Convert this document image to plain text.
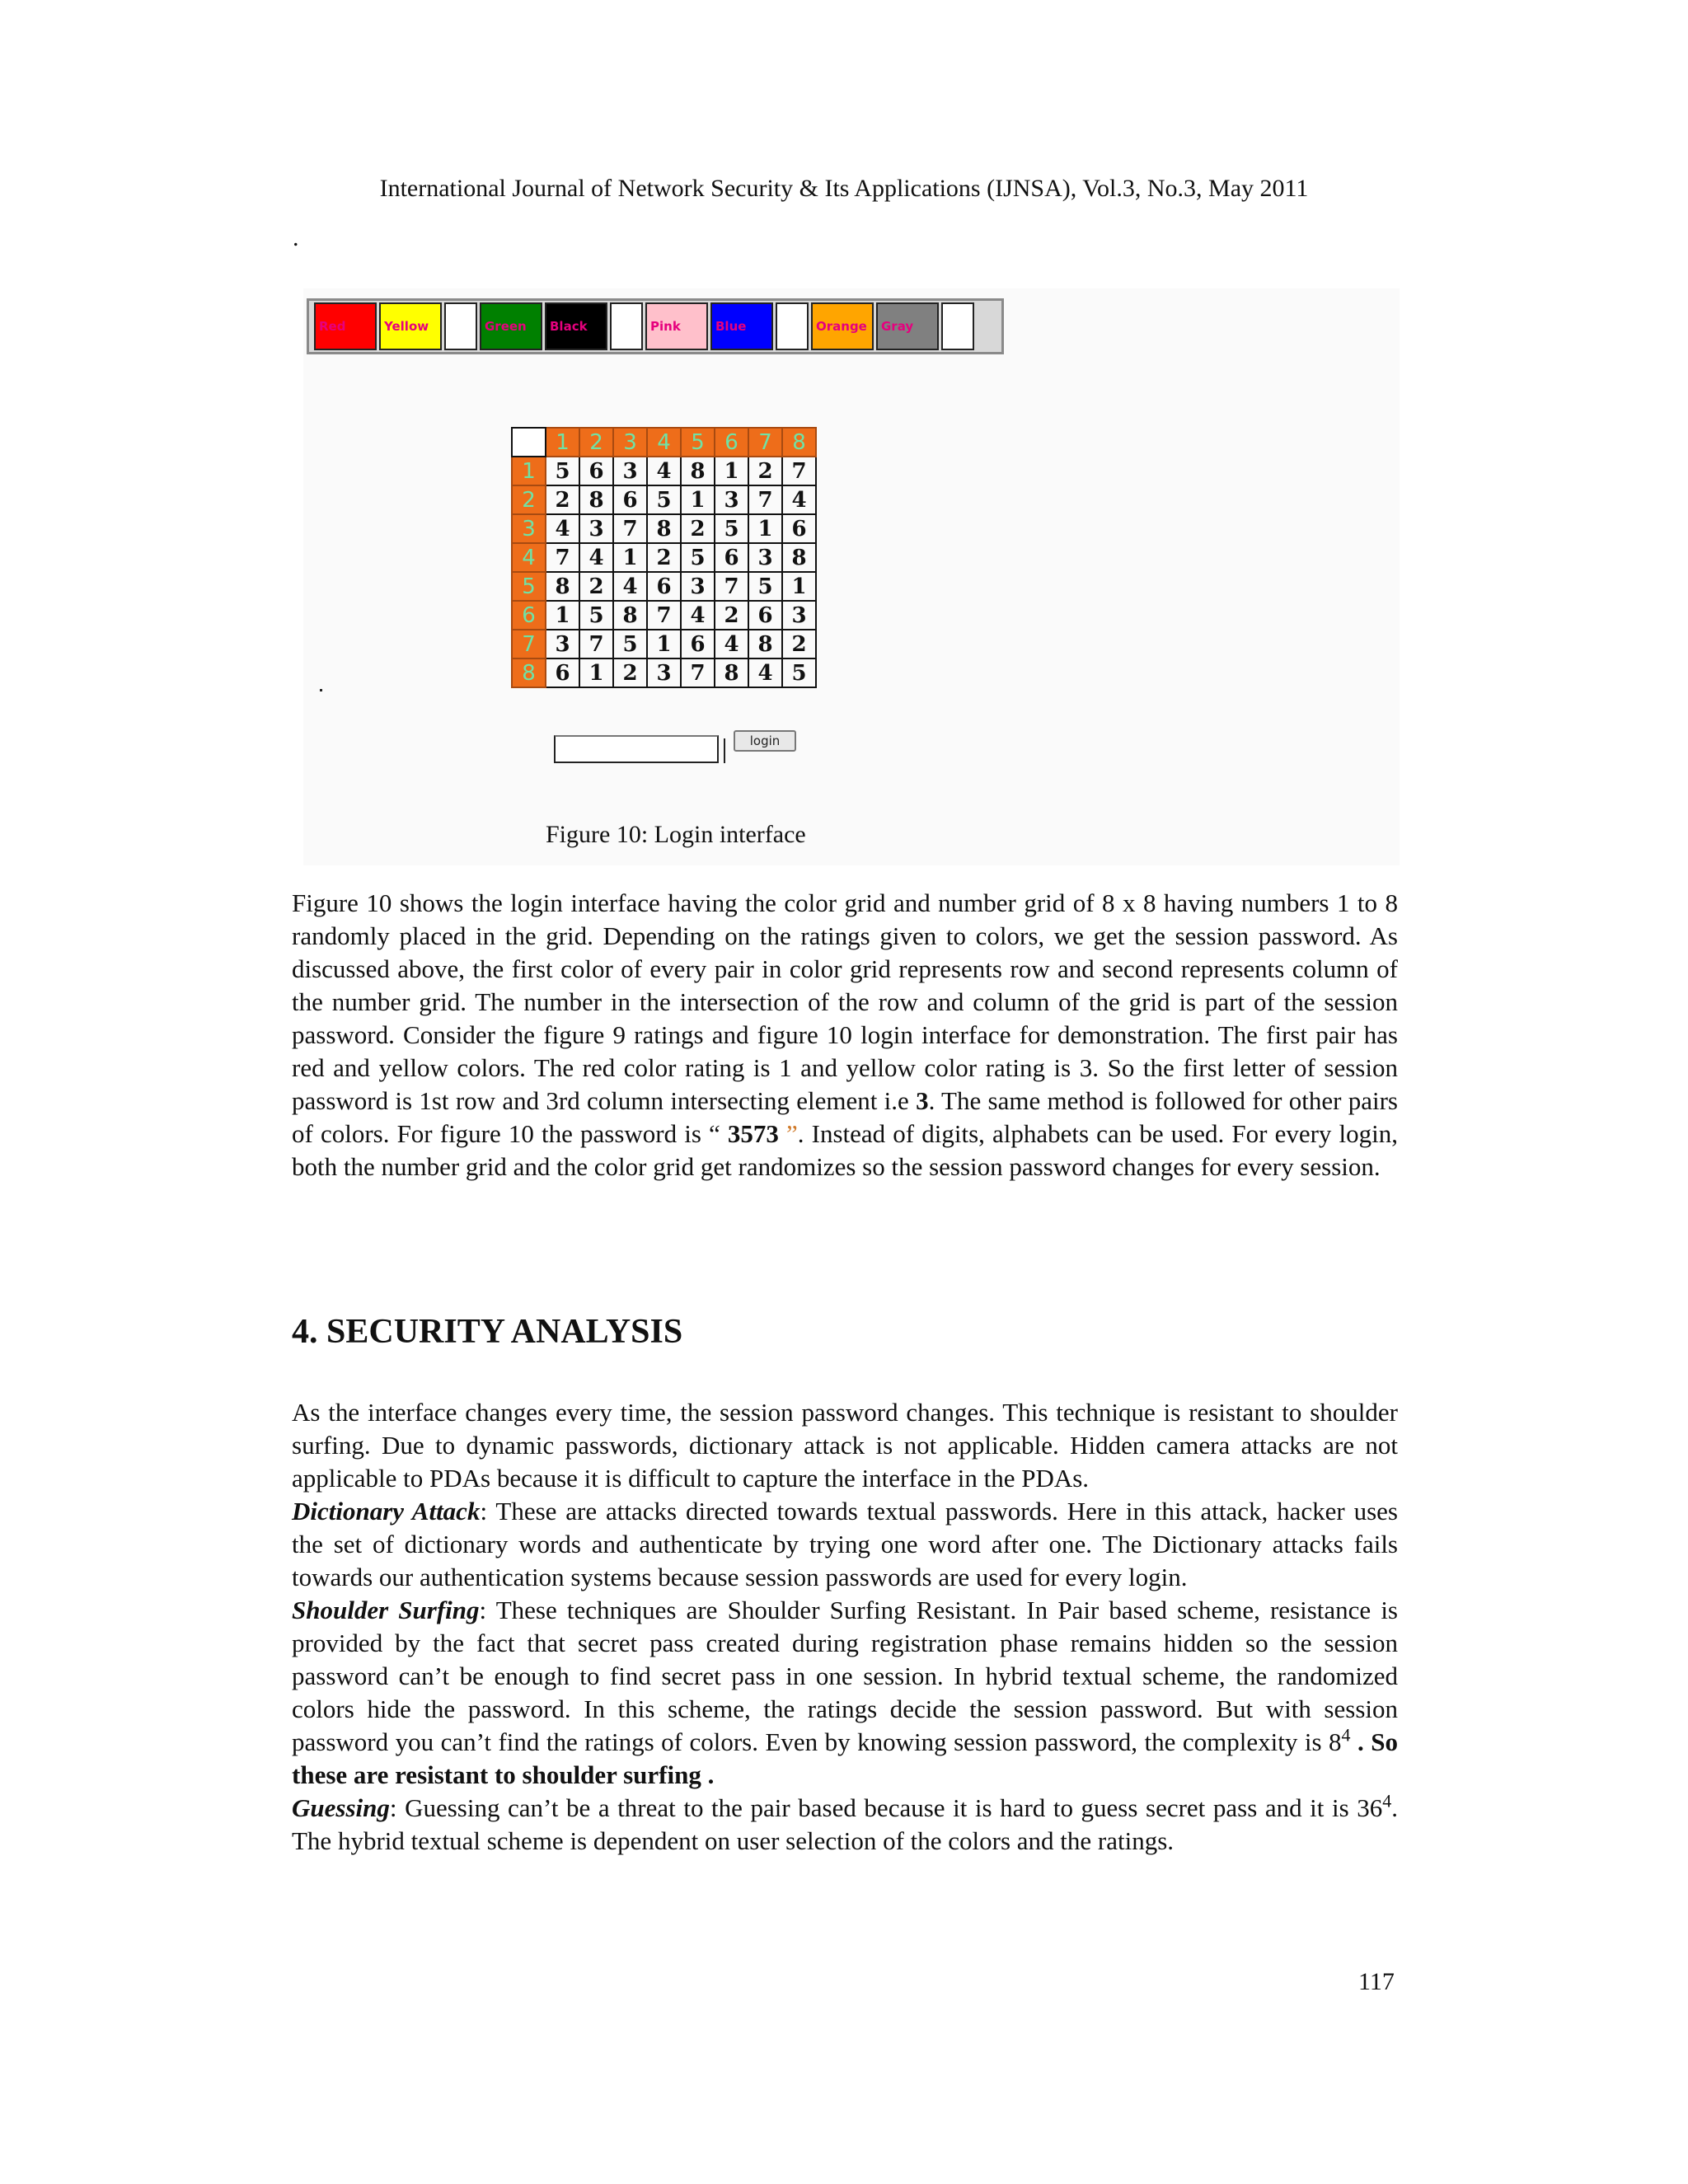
International Journal of Network Security & Its Applications (IJNSA), Vol.3, No.3, May 2011
.
Red	Yellow	Green	Black	Pink	Blue	Orange	Gray
	1	2	3	4	5	6	7	8
1	5	6	3	4	8	1	2	7
2	2	8	6	5	1	3	7	4
3	4	3	7	8	2	5	1	6
4	7	4	1	2	5	6	3	8
5	8	2	4	6	3	7	5	1
6	1	5	8	7	4	2	6	3
7	3	7	5	1	6	4	8	2
8	6	1	2	3	7	8	4	5
login
Figure 10: Login interface

Figure 10 shows the login interface having the color grid and number grid of 8 x 8 having numbers 1 to 8 randomly placed in the grid. Depending on the ratings given to colors, we get the session password. As discussed above, the first color of every pair in color grid represents row and second represents column of the number grid. The number in the intersection of the row and column of the grid is part of the session password. Consider the figure 9 ratings and figure 10 login interface for demonstration. The first pair has red and yellow colors. The red color rating is 1 and yellow color rating is 3. So the first letter of session password is 1st row and 3rd column intersecting element i.e 3. The same method is followed for other pairs of colors. For figure 10 the password is “ 3573 ”. Instead of digits, alphabets can be used. For every login, both the number grid and the color grid get randomizes so the session password changes for every session.

4. SECURITY ANALYSIS

As the interface changes every time, the session password changes. This technique is resistant to shoulder surfing. Due to dynamic passwords, dictionary attack is not applicable. Hidden camera attacks are not applicable to PDAs because it is difficult to capture the interface in the PDAs.
Dictionary Attack: These are attacks directed towards textual passwords. Here in this attack, hacker uses the set of dictionary words and authenticate by trying one word after one. The Dictionary attacks fails towards our authentication systems because session passwords are used for every login.
Shoulder Surfing: These techniques are Shoulder Surfing Resistant. In Pair based scheme, resistance is provided by the fact that secret pass created during registration phase remains hidden so the session password can’t be enough to find secret pass in one session. In hybrid textual scheme, the randomized colors hide the password. In this scheme, the ratings decide the session password. But with session password you can’t find the ratings of colors. Even by knowing session password, the complexity is $8^4$ . So these are resistant to shoulder surfing .
Guessing: Guessing can’t be a threat to the pair based because it is hard to guess secret pass and it is $36^4$. The hybrid textual scheme is dependent on user selection of the colors and the ratings.

117
